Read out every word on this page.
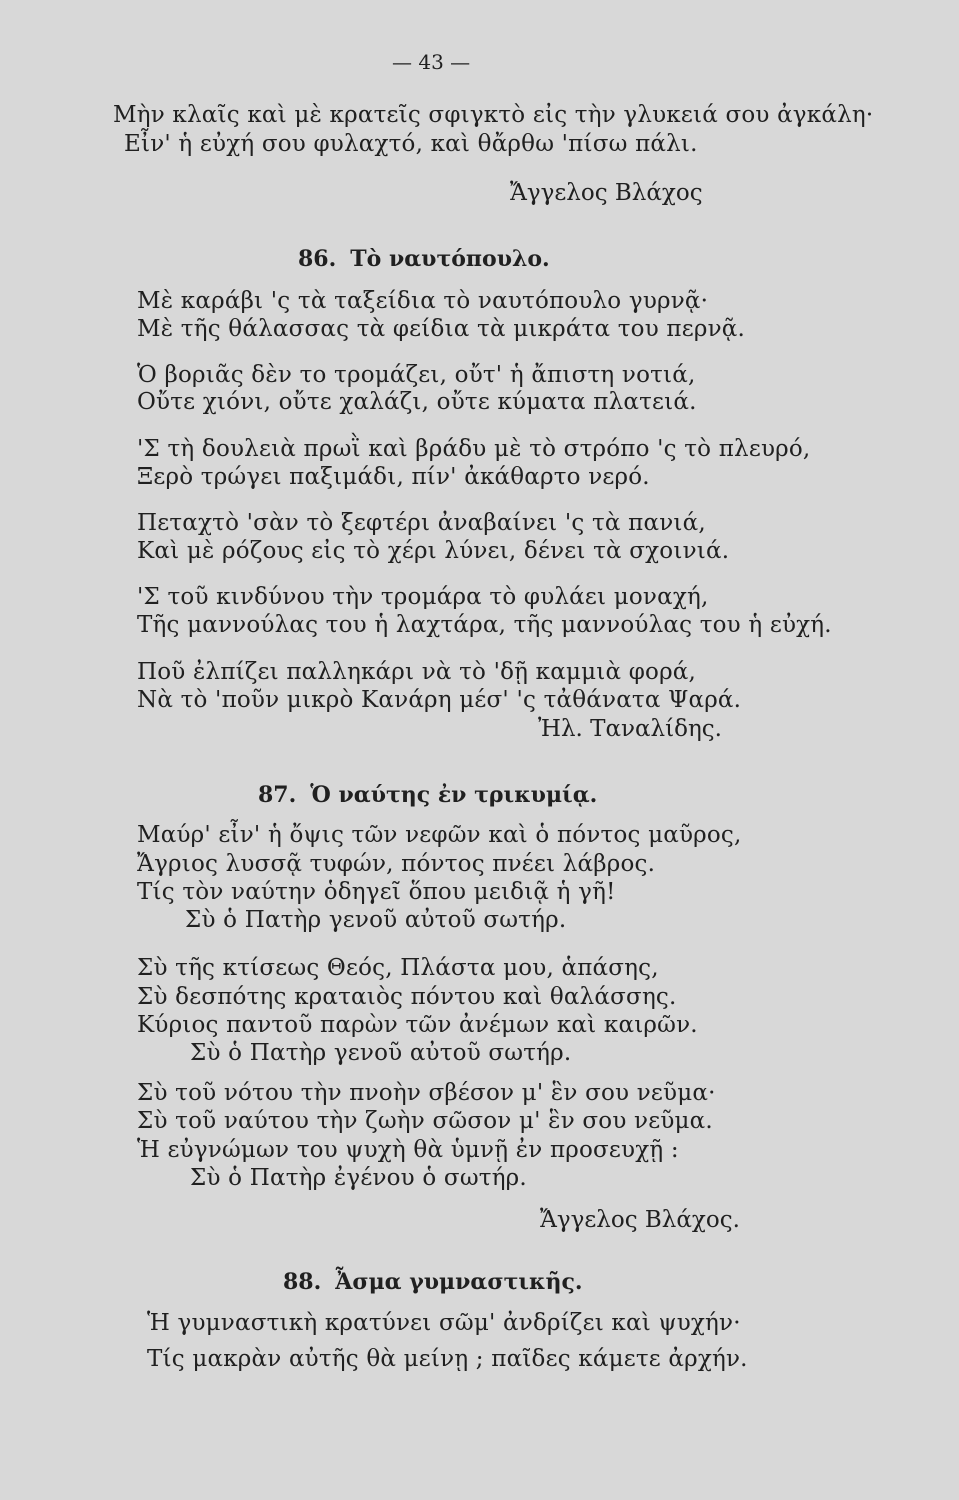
— 43 —
Μὴν κλαῖς καὶ μὲ κρατεῖς σφιγκτὸ εἰς τὴν γλυκειά σου ἀγκάλη·
Εἶν' ἡ εὐχή σου φυλαχτό, καὶ θἄρθω 'πίσω πάλι.
Ἄγγελος Βλάχος
86. Τὸ ναυτόπουλο.
Μὲ καράβι 'ς τὰ ταξείδια τὸ ναυτόπουλο γυρνᾷ·
Μὲ τῆς θάλασσας τὰ φείδια τὰ μικράτα του περνᾷ.
Ὁ βοριᾶς δὲν το τρομάζει, οὔτ' ἡ ἄπιστη νοτιά,
Οὔτε χιόνι, οὔτε χαλάζι, οὔτε κύματα πλατειά.
'Σ τὴ δουλειὰ πρωῒ καὶ βράδυ μὲ τὸ στρόπο 'ς τὸ πλευρό,
Ξερὸ τρώγει παξιμάδι, πίν' ἀκάθαρτο νερό.
Πεταχτὸ 'σὰν τὸ ξεφτέρι ἀναβαίνει 'ς τὰ πανιά,
Καὶ μὲ ρόζους εἰς τὸ χέρι λύνει, δένει τὰ σχοινιά.
'Σ τοῦ κινδύνου τὴν τρομάρα τὸ φυλάει μοναχή,
Τῆς μαννούλας του ἡ λαχτάρα, τῆς μαννούλας του ἡ εὐχή.
Ποῦ ἐλπίζει παλληκάρι νὰ τὸ 'δῇ καμμιὰ φορά,
Νὰ τὸ 'ποῦν μικρὸ Κανάρη μέσ' 'ς τἀθάνατα Ψαρά.
Ἠλ. Ταναλίδης.
87. Ὁ ναύτης ἐν τρικυμίᾳ.
Μαύρ' εἶν' ἡ ὄψις τῶν νεφῶν καὶ ὁ πόντος μαῦρος,
Ἄγριος λυσσᾷ τυφών, πόντος πνέει λάβρος.
Τίς τὸν ναύτην ὁδηγεῖ ὅπου μειδιᾷ ἡ γῆ!
Σὺ ὁ Πατὴρ γενοῦ αὐτοῦ σωτήρ.
Σὺ τῆς κτίσεως Θεός, Πλάστα μου, ἁπάσης,
Σὺ δεσπότης κραταιὸς πόντου καὶ θαλάσσης.
Κύριος παντοῦ παρὼν τῶν ἀνέμων καὶ καιρῶν.
Σὺ ὁ Πατὴρ γενοῦ αὐτοῦ σωτήρ.
Σὺ τοῦ νότου τὴν πνοὴν σβέσον μ' ἓν σου νεῦμα·
Σὺ τοῦ ναύτου τὴν ζωὴν σῶσον μ' ἓν σου νεῦμα.
Ἡ εὐγνώμων του ψυχὴ θὰ ὑμνῇ ἐν προσευχῇ :
Σὺ ὁ Πατὴρ ἐγένου ὁ σωτήρ.
Ἄγγελος Βλάχος.
88. Ἆσμα γυμναστικῆς.
Ἡ γυμναστικὴ κρατύνει σῶμ' ἀνδρίζει καὶ ψυχήν·
Τίς μακρὰν αὐτῆς θὰ μείνῃ ; παῖδες κάμετε ἀρχήν.
